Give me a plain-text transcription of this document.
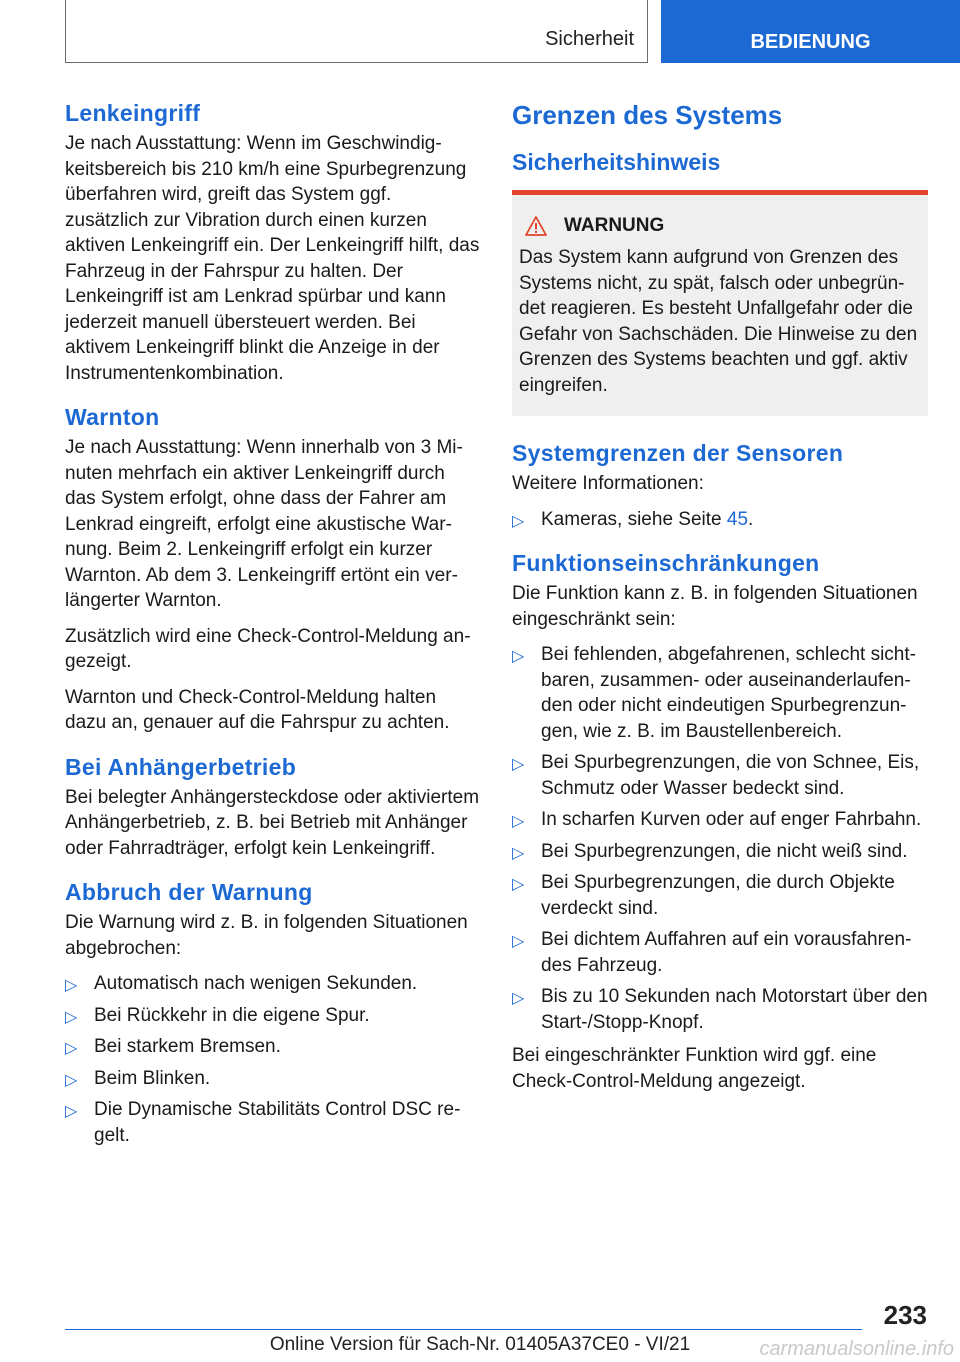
Sicherheit	BEDIENUNG
Lenkeingriff

Je nach Ausstattung: Wenn im Geschwindigkeitsbereich bis 210 km/h eine Spurbegrenzung überfahren wird, greift das System ggf. zusätzlich zur Vibration durch einen kurzen aktiven Lenkeingriff ein. Der Lenkeingriff hilft, das Fahrzeug in der Fahrspur zu halten. Der Lenkeingriff ist am Lenkrad spürbar und kann jederzeit manuell übersteuert werden. Bei aktivem Lenkeingriff blinkt die Anzeige in der Instrumentenkombination.

Warnton

Je nach Ausstattung: Wenn innerhalb von 3 Minuten mehrfach ein aktiver Lenkeingriff durch das System erfolgt, ohne dass der Fahrer am Lenkrad eingreift, erfolgt eine akustische Warnung. Beim 2. Lenkeingriff erfolgt ein kurzer Warnton. Ab dem 3. Lenkeingriff ertönt ein verlängerter Warnton.

Zusätzlich wird eine Check-Control-Meldung angezeigt.

Warnton und Check-Control-Meldung halten dazu an, genauer auf die Fahrspur zu achten.

Bei Anhängerbetrieb

Bei belegter Anhängersteckdose oder aktiviertem Anhängerbetrieb, z. B. bei Betrieb mit Anhänger oder Fahrradträger, erfolgt kein Lenkeingriff.

Abbruch der Warnung

Die Warnung wird z. B. in folgenden Situationen abgebrochen:

▷ Automatisch nach wenigen Sekunden.
▷ Bei Rückkehr in die eigene Spur.
▷ Bei starkem Bremsen.
▷ Beim Blinken.
▷ Die Dynamische Stabilitäts Control DSC regelt.
Grenzen des Systems
Sicherheitshinweis
WARNUNG

Das System kann aufgrund von Grenzen des Systems nicht, zu spät, falsch oder unbegründet reagieren. Es besteht Unfallgefahr oder die Gefahr von Sachschäden. Die Hinweise zu den Grenzen des Systems beachten und ggf. aktiv eingreifen.

Systemgrenzen der Sensoren

Weitere Informationen:

▷ Kameras, siehe Seite 45.
Funktionseinschränkungen

Die Funktion kann z. B. in folgenden Situationen eingeschränkt sein:

▷ Bei fehlenden, abgefahrenen, schlecht sichtbaren, zusammen- oder auseinanderlaufenden oder nicht eindeutigen Spurbegrenzungen, wie z. B. im Baustellenbereich.
▷ Bei Spurbegrenzungen, die von Schnee, Eis, Schmutz oder Wasser bedeckt sind.
▷ In scharfen Kurven oder auf enger Fahrbahn.
▷ Bei Spurbegrenzungen, die nicht weiß sind.
▷ Bei Spurbegrenzungen, die durch Objekte verdeckt sind.
▷ Bei dichtem Auffahren auf ein vorausfahrendes Fahrzeug.
▷ Bis zu 10 Sekunden nach Motorstart über den Start-/Stopp-Knopf.

Bei eingeschränkter Funktion wird ggf. eine Check-Control-Meldung angezeigt.

233
Online Version für Sach-Nr. 01405A37CE0 - VI/21	carmanualsonline.info
